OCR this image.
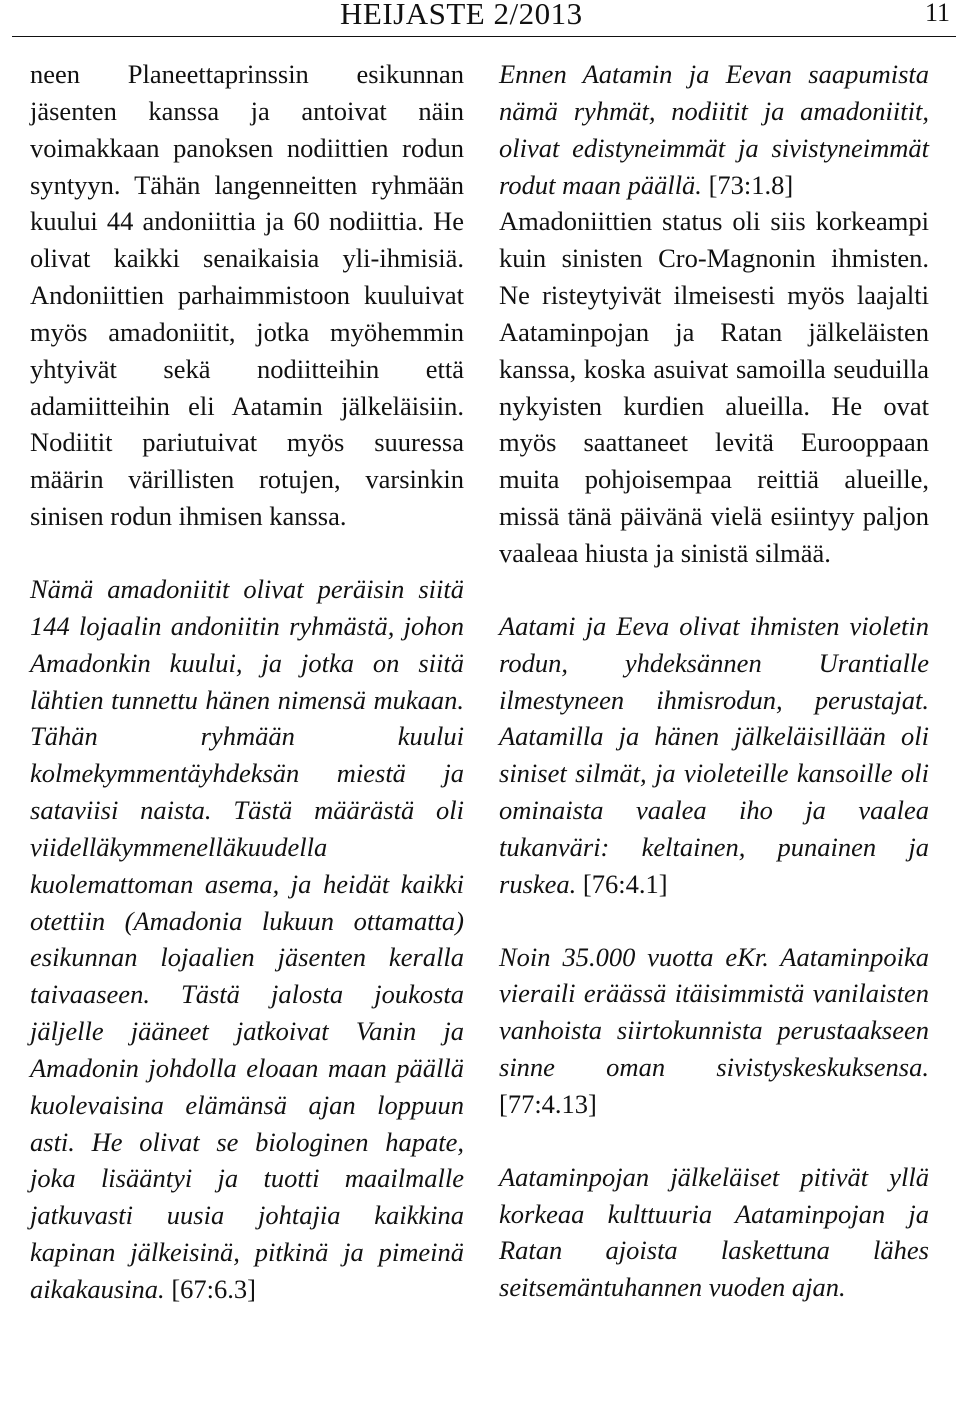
HEIJASTE 2/2013	11

neen Planeettaprinssin esikunnan jäsenten kanssa ja antoivat näin voimakkaan panoksen nodiittien rodun syntyyn. Tähän langenneitten ryhmään kuului 44 andoniittia ja 60 nodiittia. He olivat kaikki senaikaisia yli-ihmisiä. Andoniittien parhaimmistoon kuuluivat myös amadoniitit, jotka myöhemmin yhtyivät sekä nodiitteihin että adamiitteihin eli Aatamin jälkeläisiin. Nodiitit pariutuivat myös suuressa määrin värillisten rotujen, varsinkin sinisen rodun ihmisen kanssa.

Nämä amadoniitit olivat peräisin siitä 144 lojaalin andoniitin ryhmästä, johon Amadonkin kuului, ja jotka on siitä lähtien tunnettu hänen nimensä mukaan. Tähän ryhmään kuului kolmekymmentäyhdeksän miestä ja sataviisi naista. Tästä määrästä oli viidelläkymmenelläkuudella kuolemattoman asema, ja heidät kaikki otettiin (Amadonia lukuun ottamatta) esikunnan lojaalien jäsenten keralla taivaaseen. Tästä jalosta joukosta jäljelle jääneet jatkoivat Vanin ja Amadonin johdolla eloaan maan päällä kuolevaisina elämänsä ajan loppuun asti. He olivat se biologinen hapate, joka lisääntyi ja tuotti maailmalle jatkuvasti uusia johtajia kaikkina kapinan jälkeisinä, pitkinä ja pimeinä aikakausina. [67:6.3]

Ennen Aatamin ja Eevan saapumista nämä ryhmät, nodiitit ja amadoniitit, olivat edistyneimmät ja sivistyneimmät rodut maan päällä. [73:1.8]

Amadoniittien status oli siis korkeampi kuin sinisten Cro-Magnonin ihmisten. Ne risteytyivät ilmeisesti myös laajalti Aataminpojan ja Ratan jälkeläisten kanssa, koska asuivat samoilla seuduilla nykyisten kurdien alueilla. He ovat myös saattaneet levitä Eurooppaan muita pohjoisempaa reittiä alueille, missä tänä päivänä vielä esiintyy paljon vaaleaa hiusta ja sinistä silmää.

Aatami ja Eeva olivat ihmisten violetin rodun, yhdeksännen Urantialle ilmestyneen ihmisrodun, perustajat. Aatamilla ja hänen jälkeläisillään oli siniset silmät, ja violeteille kansoille oli ominaista vaalea iho ja vaalea tukanväri: keltainen, punainen ja ruskea. [76:4.1]

Noin 35.000 vuotta eKr. Aataminpoika vieraili eräässä itäisimmistä vanilaisten vanhoista siirtokunnista perustaakseen sinne oman sivistyskeskuksensa. [77:4.13]

Aataminpojan jälkeläiset pitivät yllä korkeaa kulttuuria Aataminpojan ja Ratan ajoista laskettuna lähes seitsemäntuhannen vuoden ajan.
